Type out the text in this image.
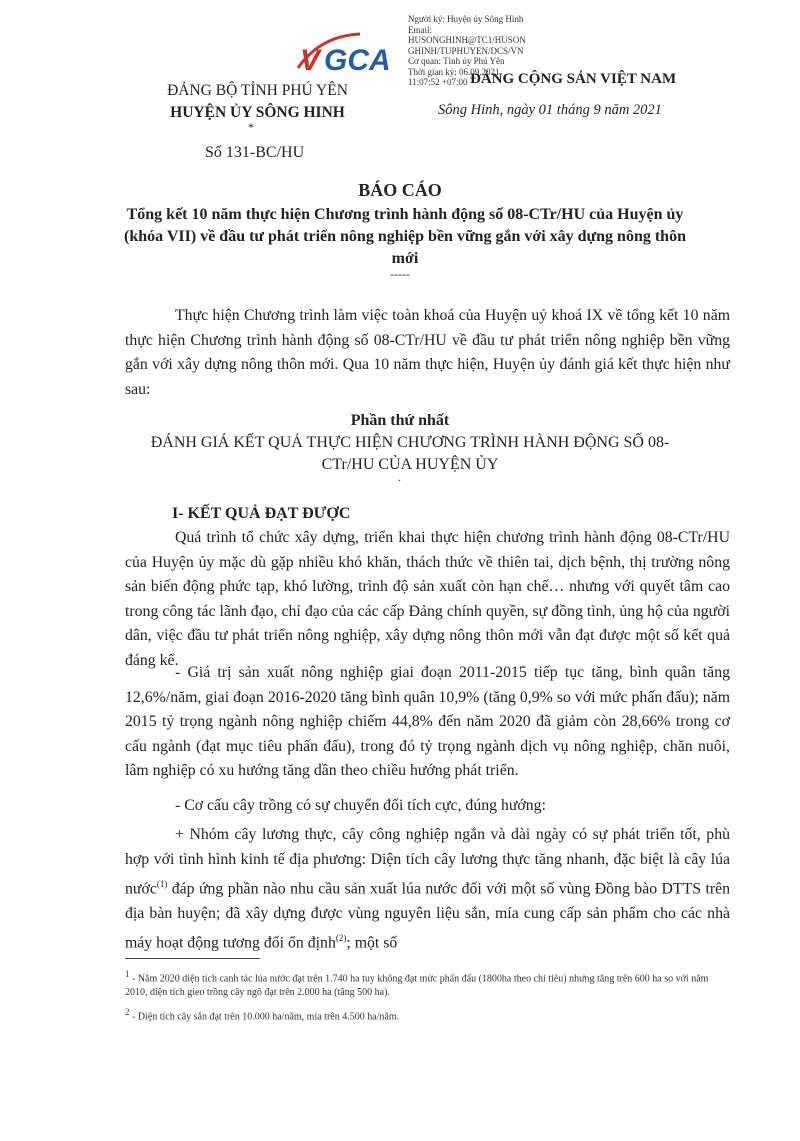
Người ký: Huyện ủy Sông Hinh
Email:
HUSONGHINH@TC1/HUSON
GHINH/TUPHUYEN/DCS/VN
Cơ quan: Tỉnh ủy Phú Yên
Thời gian ký: 06.09.2021
11:07:52 +07:00
V GCA
ĐẢNG BỘ TỈNH PHÚ YÊN
HUYỆN ỦY SÔNG HINH
*
Số 131-BC/HU
ĐẢNG CỘNG SẢN VIỆT NAM
Sông Hinh, ngày 01 tháng 9 năm 2021
BÁO CÁO
Tổng kết 10 năm thực hiện Chương trình hành động số 08-CTr/HU của Huyện ủy (khóa VII) về đầu tư phát triển nông nghiệp bền vững gắn với xây dựng nông thôn mới
-----
Thực hiện Chương trình làm việc toàn khoá của Huyện uỷ khoá IX về tổng kết 10 năm thực hiện Chương trình hành động số 08-CTr/HU về đầu tư phát triển nông nghiệp bền vững gắn với xây dựng nông thôn mới. Qua 10 năm thực hiện, Huyện ủy đánh giá kết thực hiện như sau:
Phần thứ nhất
ĐÁNH GIÁ KẾT QUẢ THỰC HIỆN CHƯƠNG TRÌNH HÀNH ĐỘNG SỐ 08-CTr/HU CỦA HUYỆN ỦY
.
I- KẾT QUẢ ĐẠT ĐƯỢC
Quá trình tổ chức xây dựng, triển khai thực hiện chương trình hành động 08-CTr/HU của Huyện ủy mặc dù gặp nhiều khó khăn, thách thức về thiên tai, dịch bệnh, thị trường nông sản biến động phức tạp, khó lường, trình độ sản xuất còn hạn chế… nhưng với quyết tâm cao trong công tác lãnh đạo, chỉ đạo của các cấp Đảng chính quyền, sự đồng tình, ủng hộ của người dân, việc đầu tư phát triển nông nghiệp, xây dựng nông thôn mới vẫn đạt được một số kết quả đáng kể.
- Giá trị sản xuất nông nghiệp giai đoạn 2011-2015 tiếp tục tăng, bình quân tăng 12,6%/năm, giai đoạn 2016-2020 tăng bình quân 10,9% (tăng 0,9% so với mức phấn đấu); năm 2015 tỷ trọng ngành nông nghiệp chiếm 44,8% đến năm 2020 đã giảm còn 28,66% trong cơ cấu ngành (đạt mục tiêu phấn đấu), trong đó tỷ trọng ngành dịch vụ nông nghiệp, chăn nuôi, lâm nghiệp có xu hướng tăng dần theo chiều hướng phát triển.
- Cơ cấu cây trồng có sự chuyển đổi tích cực, đúng hướng:
+ Nhóm cây lương thực, cây công nghiệp ngắn và dài ngày có sự phát triển tốt, phù hợp với tình hình kinh tế địa phương: Diện tích cây lương thực tăng nhanh, đặc biệt là cây lúa nước$^{(1)}$ đáp ứng phần nào nhu cầu sản xuất lúa nước đối với một số vùng Đồng bào DTTS trên địa bàn huyện; đã xây dựng được vùng nguyên liệu sắn, mía cung cấp sản phẩm cho các nhà máy hoạt động tương đối ổn định$^{(2)}$; một số
$^1$ - Năm 2020 diện tích canh tác lúa nước đạt trên 1.740 ha tuy không đạt mức phấn đấu (1800ha theo chỉ tiêu) nhưng tăng trên 600 ha so với năm 2010, diện tích gieo trồng cây ngô đạt trên 2.000 ha (tăng 500 ha).
$^2$ - Diện tích cây sắn đạt trên 10.000 ha/năm, mía trên 4.500 ha/năm.
